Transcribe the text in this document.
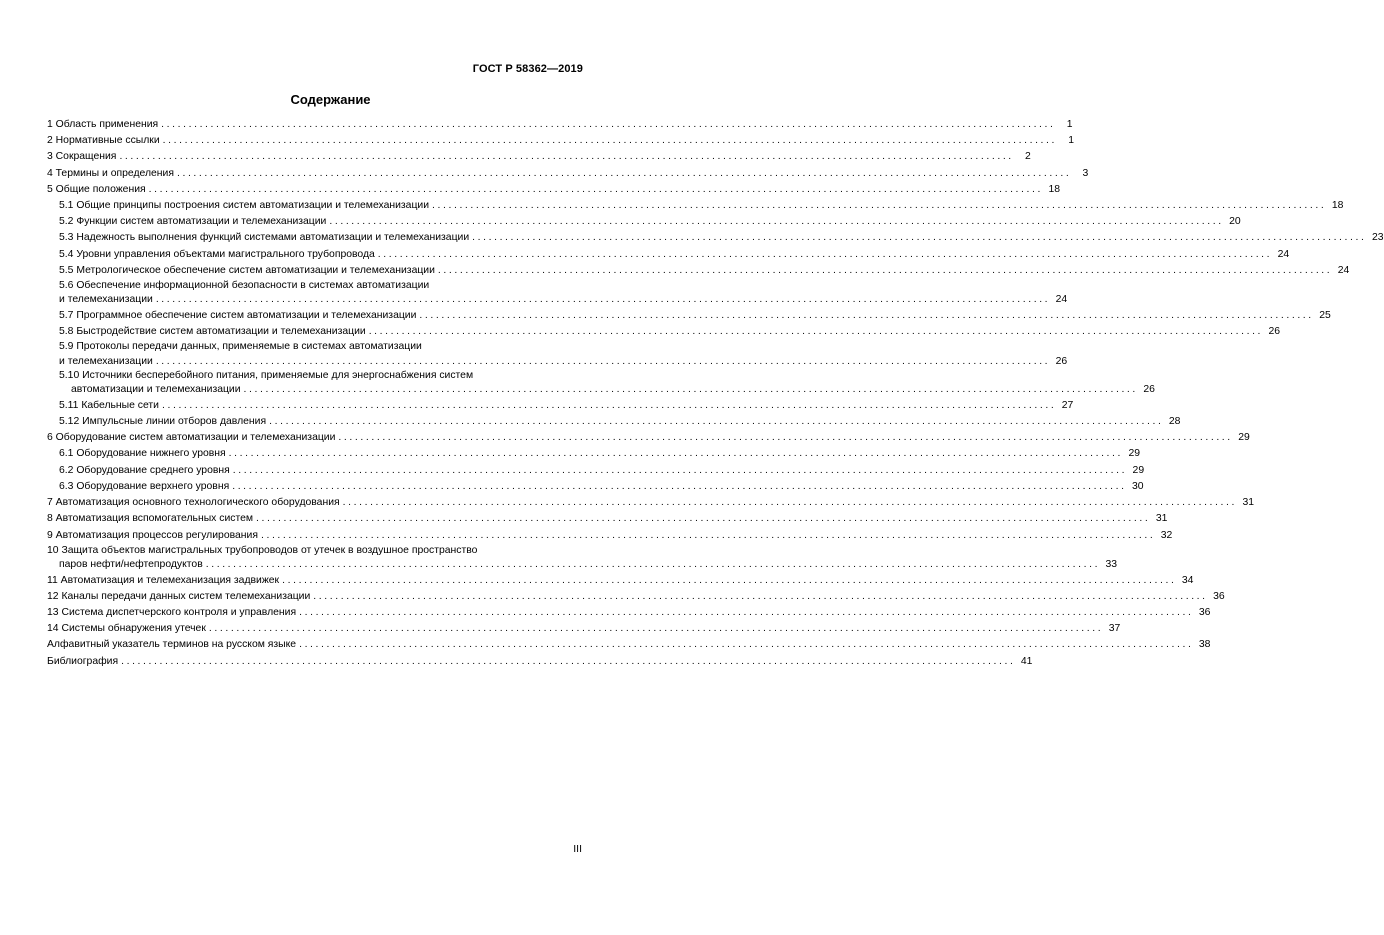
ГОСТ Р 58362—2019
Содержание
1 Область применения ...................................................................................................................................................................	1
2 Нормативные ссылки ...................................................................................................................................................................	1
3 Сокращения ...................................................................................................................................................................	2
4 Термины и определения ...................................................................................................................................................................	3
5 Общие положения ................................................................................................................................................................... 18
5.1 Общие принципы построения систем автоматизации и телемеханизации ................................................................................................................................................................... 18
5.2 Функции систем автоматизации и телемеханизации ................................................................................................................................................................... 20
5.3 Надежность выполнения функций системами автоматизации и телемеханизации ................................................................................................................................................................... 23
5.4 Уровни управления объектами магистрального трубопровода ................................................................................................................................................................... 24
5.5 Метрологическое обеспечение систем автоматизации и телемеханизации ................................................................................................................................................................... 24
5.6 Обеспечение информационной безопасности в системах автоматизации
и телемеханизации ................................................................................................................................................................... 24
5.7 Программное обеспечение систем автоматизации и телемеханизации ................................................................................................................................................................... 25
5.8 Быстродействие систем автоматизации и телемеханизации ................................................................................................................................................................... 26
5.9 Протоколы передачи данных, применяемые в системах автоматизации
и телемеханизации ................................................................................................................................................................... 26
5.10 Источники бесперебойного питания, применяемые для энергоснабжения систем
автоматизации и телемеханизации ................................................................................................................................................................... 26
5.11 Кабельные сети ................................................................................................................................................................... 27
5.12 Импульсные линии отборов давления ................................................................................................................................................................... 28
6 Оборудование систем автоматизации и телемеханизации ................................................................................................................................................................... 29
6.1 Оборудование нижнего уровня ................................................................................................................................................................... 29
6.2 Оборудование среднего уровня ................................................................................................................................................................... 29
6.3 Оборудование верхнего уровня ................................................................................................................................................................... 30
7 Автоматизация основного технологического оборудования ................................................................................................................................................................... 31
8 Автоматизация вспомогательных систем ................................................................................................................................................................... 31
9 Автоматизация процессов регулирования ................................................................................................................................................................... 32
10 Защита объектов магистральных трубопроводов от утечек в воздушное пространство
паров нефти/нефтепродуктов ................................................................................................................................................................... 33
11 Автоматизация и телемеханизация задвижек ................................................................................................................................................................... 34
12 Каналы передачи данных систем телемеханизации ................................................................................................................................................................... 36
13 Система диспетчерского контроля и управления ................................................................................................................................................................... 36
14 Системы обнаружения утечек ................................................................................................................................................................... 37
Алфавитный указатель терминов на русском языке ................................................................................................................................................................... 38
Библиография ................................................................................................................................................................... 41
III
